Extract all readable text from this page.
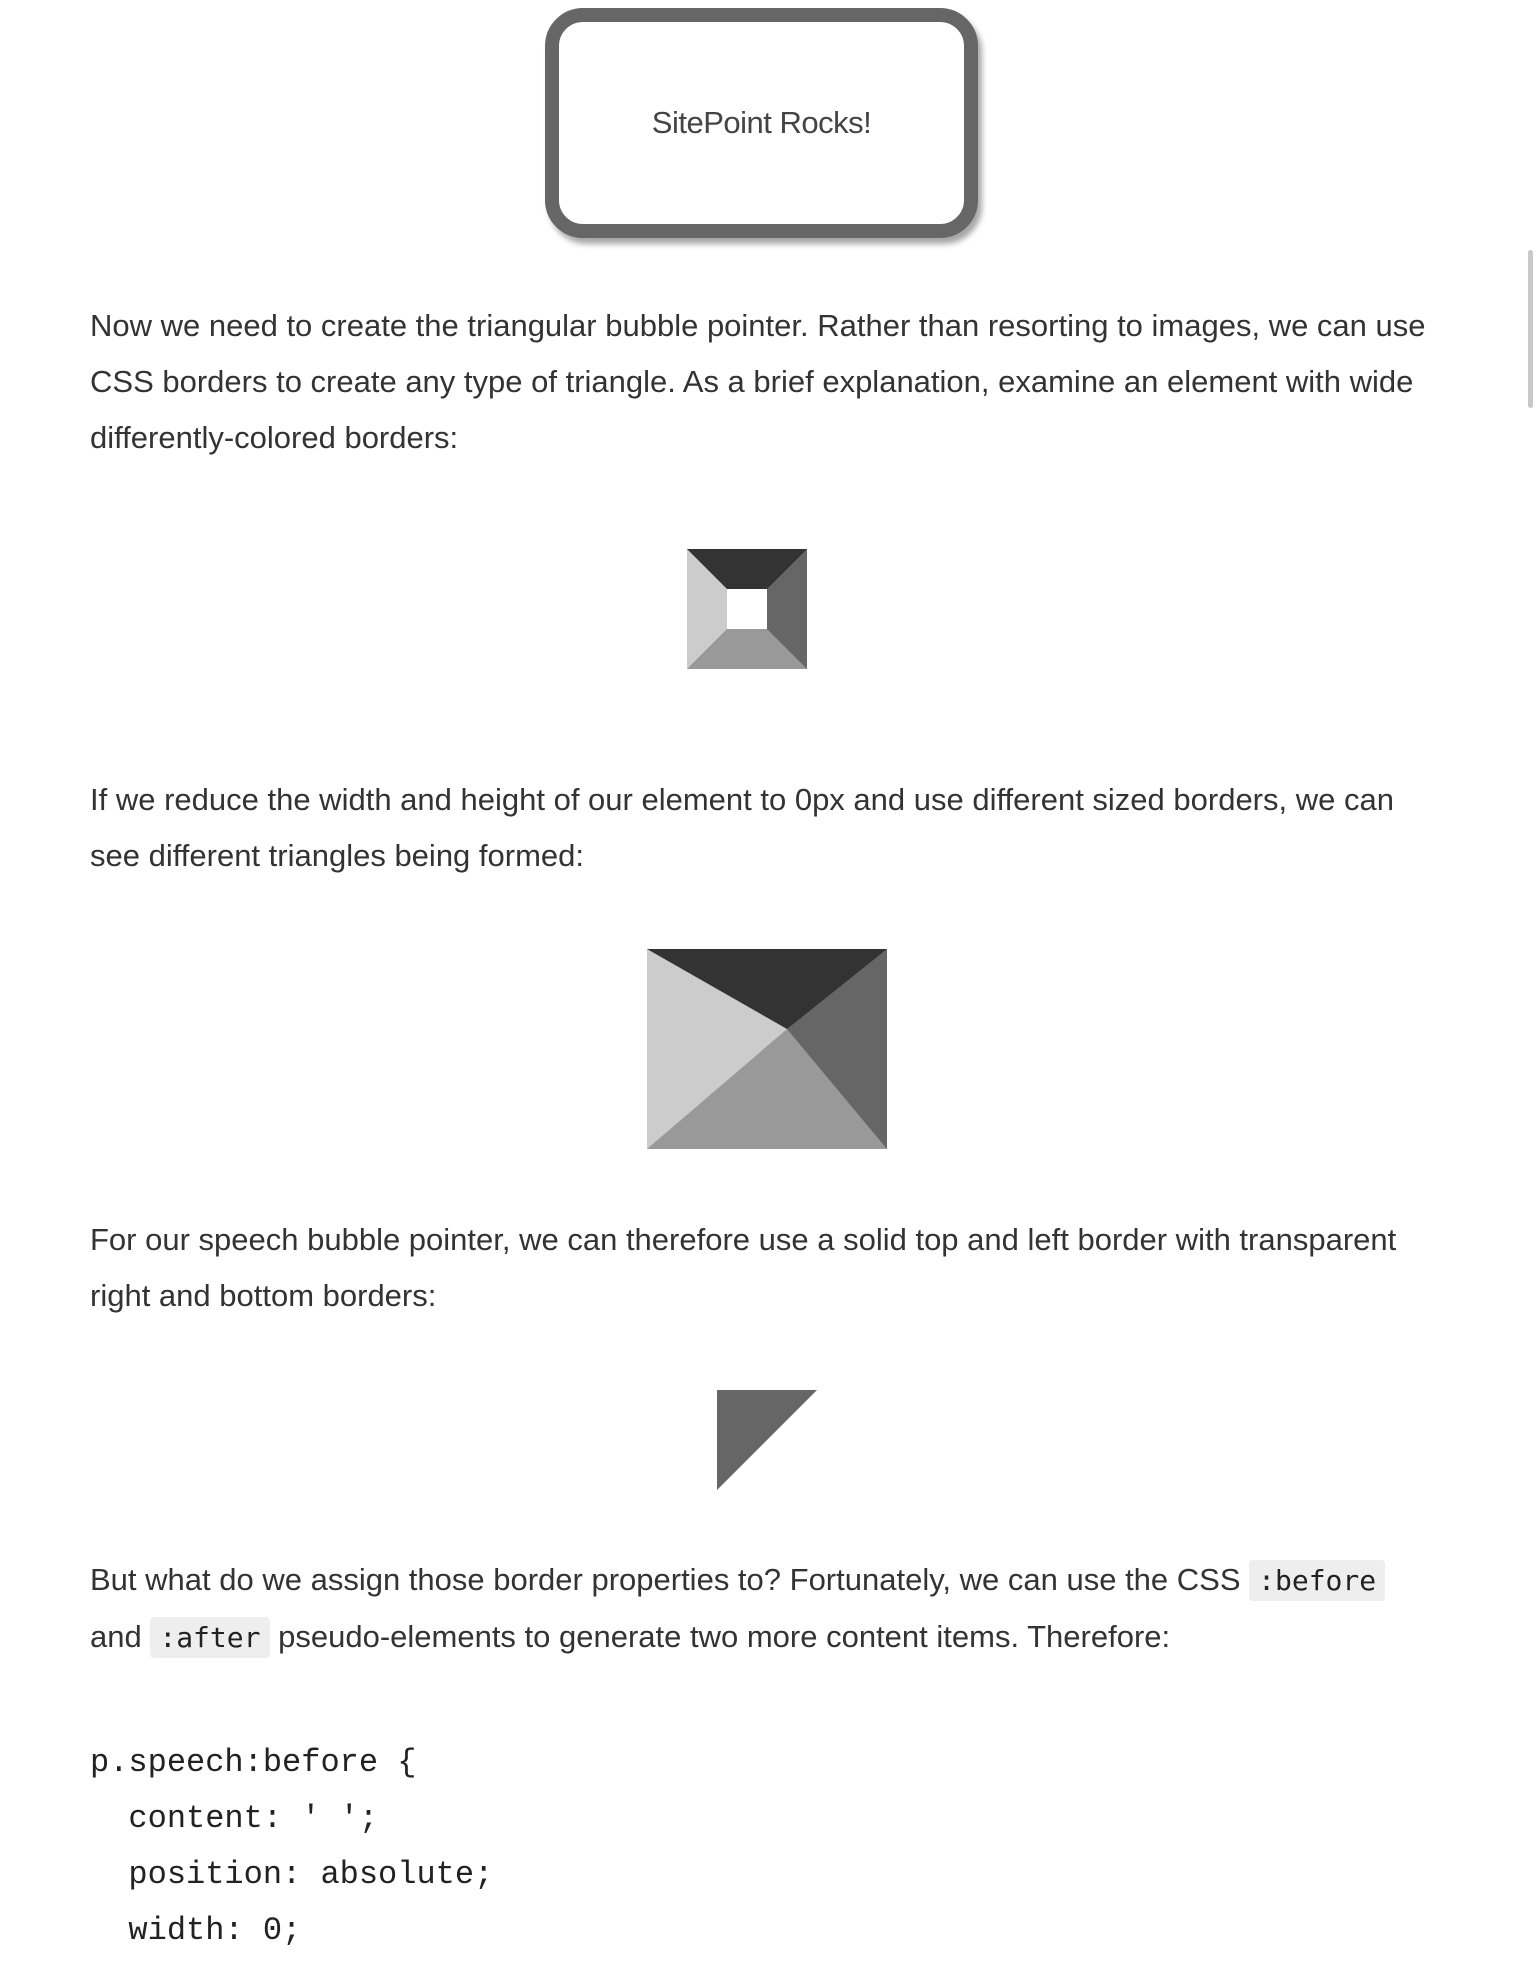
SitePoint Rocks!

Now we need to create the triangular bubble pointer. Rather than resorting to images, we can use CSS borders to create any type of triangle. As a brief explanation, examine an element with wide differently-colored borders:

If we reduce the width and height of our element to 0px and use different sized borders, we can see different triangles being formed:

For our speech bubble pointer, we can therefore use a solid top and left border with transparent right and bottom borders:

But what do we assign those border properties to? Fortunately, we can use the CSS :before
and :after pseudo-elements to generate two more content items. Therefore:

p.speech:before {
content: ' ';
position: absolute;
width: 0;
